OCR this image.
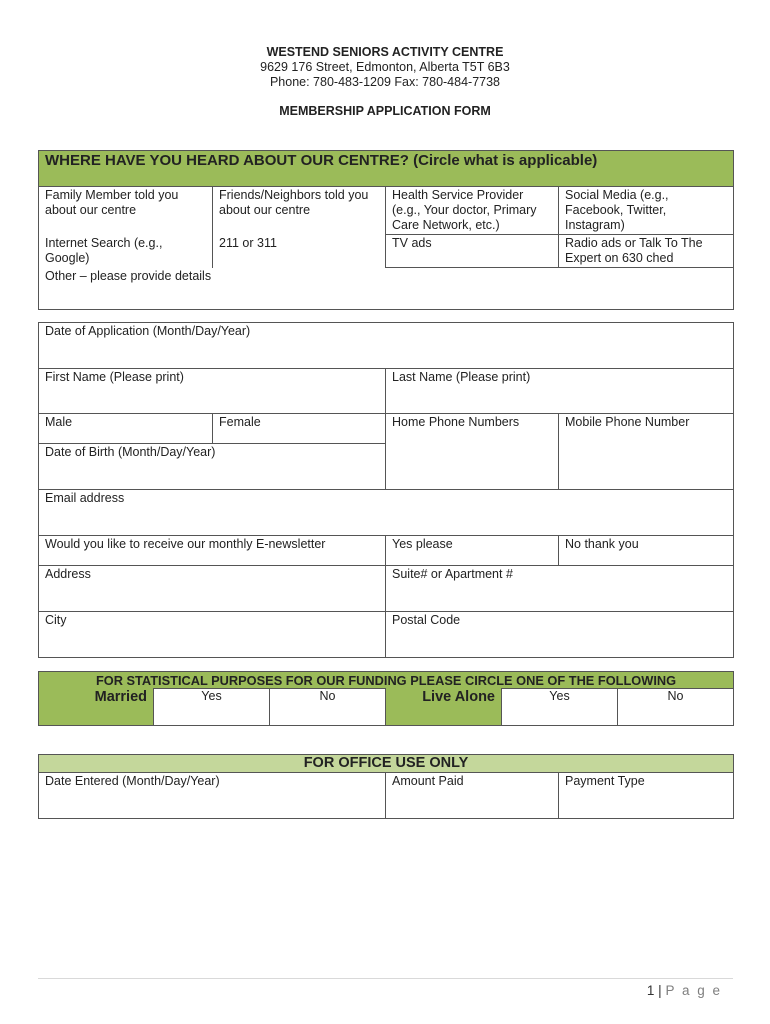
WESTEND SENIORS ACTIVITY CENTRE
9629 176 Street, Edmonton, Alberta T5T 6B3
Phone: 780-483-1209 Fax: 780-484-7738
MEMBERSHIP APPLICATION FORM
WHERE HAVE YOU HEARD ABOUT OUR CENTRE? (Circle what is applicable)			
Family Member told you about our centre	Friends/Neighbors told you about our centre	Health Service Provider (e.g., Your doctor, Primary Care Network, etc.)	Social Media (e.g., Facebook, Twitter, Instagram)
Internet Search (e.g., Google)	211 or 311	TV ads	Radio ads or Talk To The Expert on 630 ched
Other – please provide details			
Date of Application (Month/Day/Year)			
First Name (Please print)		Last Name (Please print)	
Male	Female	Home Phone Numbers	Mobile Phone Number
Date of Birth (Month/Day/Year)			
Email address			
Would you like to receive our monthly E-newsletter		Yes please	No thank you
Address		Suite# or Apartment #	
City		Postal Code	
FOR STATISTICAL PURPOSES FOR OUR FUNDING PLEASE CIRCLE ONE OF THE FOLLOWING
Married	Yes	No	Live Alone	Yes	No
FOR OFFICE USE ONLY
Date Entered (Month/Day/Year)	Amount Paid	Payment Type
1 | P a g e
